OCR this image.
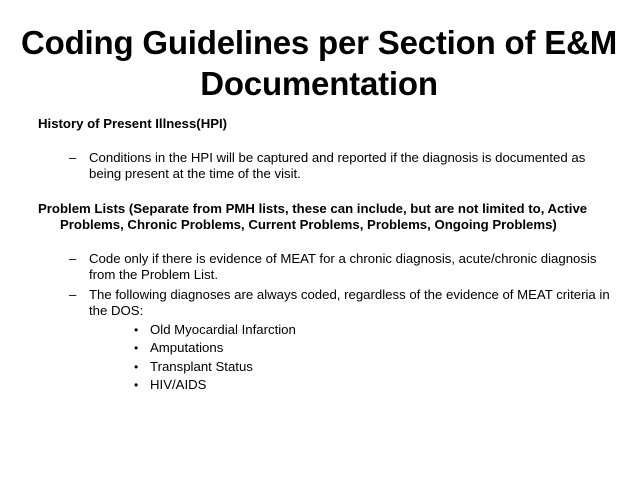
Coding Guidelines per Section of E&M Documentation

History of Present Illness(HPI)

– Conditions in the HPI will be captured and reported if the diagnosis is documented as being present at the time of the visit.

Problem Lists (Separate from PMH lists, these can include, but are not limited to, Active Problems, Chronic Problems, Current Problems, Problems, Ongoing Problems)

– Code only if there is evidence of MEAT for a chronic diagnosis, acute/chronic diagnosis from the Problem List.
– The following diagnoses are always coded, regardless of the evidence of MEAT criteria in the DOS:
• Old Myocardial Infarction
• Amputations
• Transplant Status
• HIV/AIDS
